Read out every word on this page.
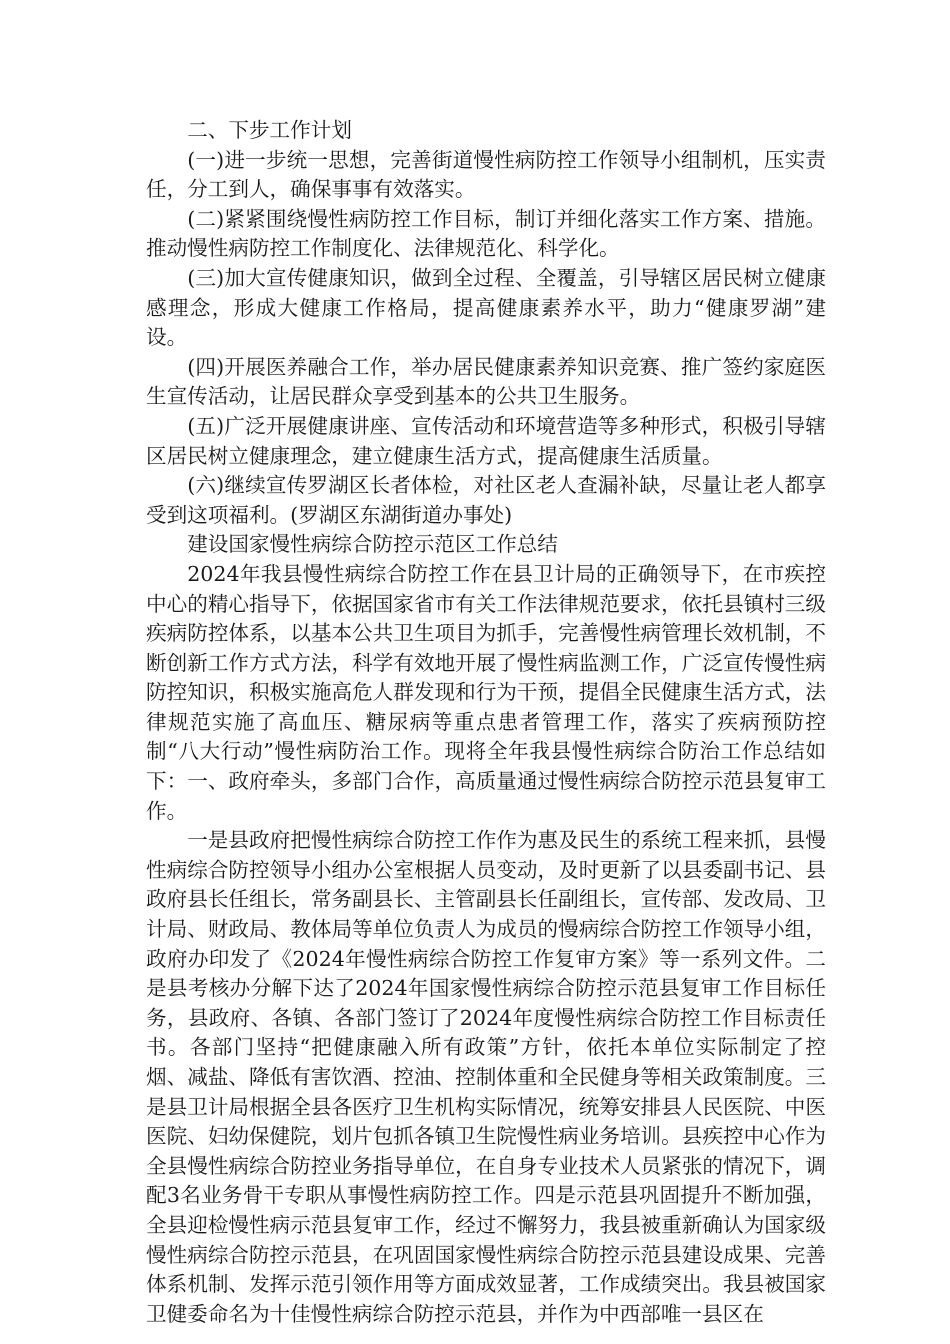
二、下步工作计划

(一)进一步统一思想，完善街道慢性病防控工作领导小组制机，压实责任，分工到人，确保事事有效落实。

(二)紧紧围绕慢性病防控工作目标，制订并细化落实工作方案、措施。推动慢性病防控工作制度化、法律规范化、科学化。

(三)加大宣传健康知识，做到全过程、全覆盖，引导辖区居民树立健康感理念，形成大健康工作格局，提高健康素养水平，助力“健康罗湖”建设。

(四)开展医养融合工作，举办居民健康素养知识竞赛、推广签约家庭医生宣传活动，让居民群众享受到基本的公共卫生服务。

(五)广泛开展健康讲座、宣传活动和环境营造等多种形式，积极引导辖区居民树立健康理念，建立健康生活方式，提高健康生活质量。

(六)继续宣传罗湖区长者体检，对社区老人查漏补缺，尽量让老人都享受到这项福利。(罗湖区东湖街道办事处)

建设国家慢性病综合防控示范区工作总结

2024年我县慢性病综合防控工作在县卫计局的正确领导下，在市疾控中心的精心指导下，依据国家省市有关工作法律规范要求，依托县镇村三级疾病防控体系，以基本公共卫生项目为抓手，完善慢性病管理长效机制，不断创新工作方式方法，科学有效地开展了慢性病监测工作，广泛宣传慢性病防控知识，积极实施高危人群发现和行为干预，提倡全民健康生活方式，法律规范实施了高血压、糖尿病等重点患者管理工作，落实了疾病预防控制“八大行动”慢性病防治工作。现将全年我县慢性病综合防治工作总结如下：一、政府牵头，多部门合作，高质量通过慢性病综合防控示范县复审工作。

一是县政府把慢性病综合防控工作作为惠及民生的系统工程来抓，县慢性病综合防控领导小组办公室根据人员变动，及时更新了以县委副书记、县政府县长任组长，常务副县长、主管副县长任副组长，宣传部、发改局、卫计局、财政局、教体局等单位负责人为成员的慢病综合防控工作领导小组，政府办印发了《2024年慢性病综合防控工作复审方案》等一系列文件。二是县考核办分解下达了2024年国家慢性病综合防控示范县复审工作目标任务，县政府、各镇、各部门签订了2024年度慢性病综合防控工作目标责任书。各部门坚持“把健康融入所有政策”方针，依托本单位实际制定了控烟、减盐、降低有害饮酒、控油、控制体重和全民健身等相关政策制度。三是县卫计局根据全县各医疗卫生机构实际情况，统筹安排县人民医院、中医医院、妇幼保健院，划片包抓各镇卫生院慢性病业务培训。县疾控中心作为全县慢性病综合防控业务指导单位，在自身专业技术人员紧张的情况下，调配3名业务骨干专职从事慢性病防控工作。四是示范县巩固提升不断加强，全县迎检慢性病示范县复审工作，经过不懈努力，我县被重新确认为国家级慢性病综合防控示范县，在巩固国家慢性病综合防控示范县建设成果、完善体系机制、发挥示范引领作用等方面成效显著，工作成绩突出。我县被国家卫健委命名为十佳慢性病综合防控示范县，并作为中西部唯一县区在
